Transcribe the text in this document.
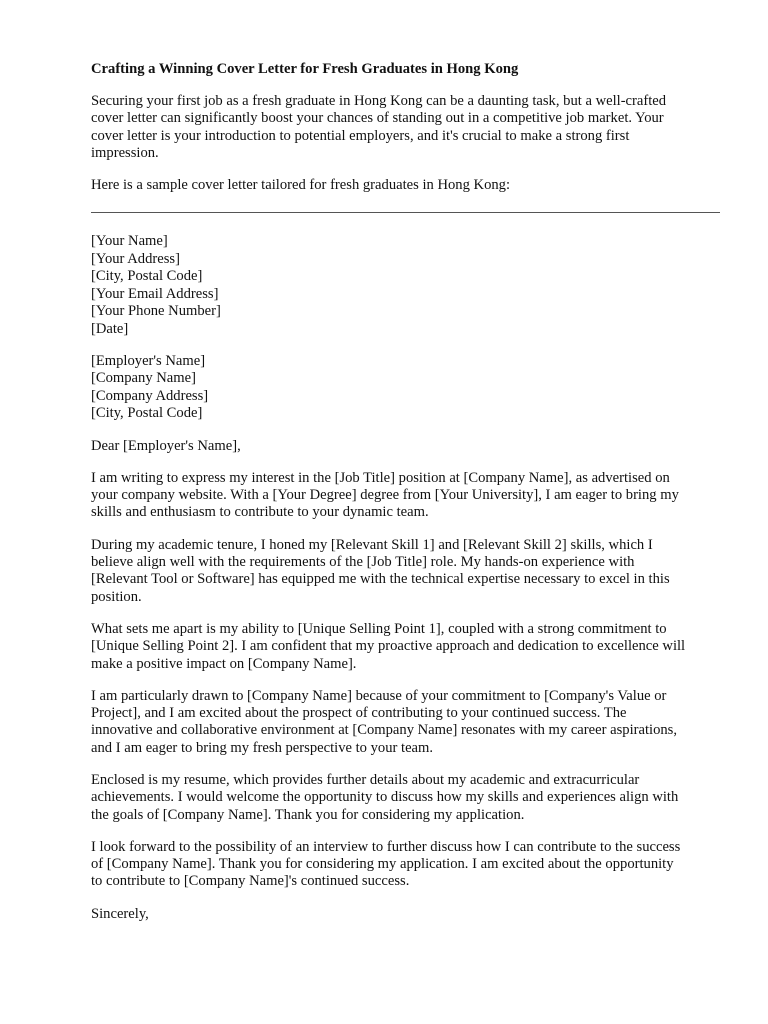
Crafting a Winning Cover Letter for Fresh Graduates in Hong Kong

Securing your first job as a fresh graduate in Hong Kong can be a daunting task, but a well-crafted
cover letter can significantly boost your chances of standing out in a competitive job market. Your
cover letter is your introduction to potential employers, and it's crucial to make a strong first
impression.

Here is a sample cover letter tailored for fresh graduates in Hong Kong:

[Your Name]
[Your Address]
[City, Postal Code]
[Your Email Address]
[Your Phone Number]
[Date]
[Employer's Name]
[Company Name]
[Company Address]
[City, Postal Code]

Dear [Employer's Name],

I am writing to express my interest in the [Job Title] position at [Company Name], as advertised on
your company website. With a [Your Degree] degree from [Your University], I am eager to bring my
skills and enthusiasm to contribute to your dynamic team.

During my academic tenure, I honed my [Relevant Skill 1] and [Relevant Skill 2] skills, which I
believe align well with the requirements of the [Job Title] role. My hands-on experience with
[Relevant Tool or Software] has equipped me with the technical expertise necessary to excel in this
position.

What sets me apart is my ability to [Unique Selling Point 1], coupled with a strong commitment to
[Unique Selling Point 2]. I am confident that my proactive approach and dedication to excellence will
make a positive impact on [Company Name].

I am particularly drawn to [Company Name] because of your commitment to [Company's Value or
Project], and I am excited about the prospect of contributing to your continued success. The
innovative and collaborative environment at [Company Name] resonates with my career aspirations,
and I am eager to bring my fresh perspective to your team.

Enclosed is my resume, which provides further details about my academic and extracurricular
achievements. I would welcome the opportunity to discuss how my skills and experiences align with
the goals of [Company Name]. Thank you for considering my application.

I look forward to the possibility of an interview to further discuss how I can contribute to the success
of [Company Name]. Thank you for considering my application. I am excited about the opportunity
to contribute to [Company Name]'s continued success.

Sincerely,
